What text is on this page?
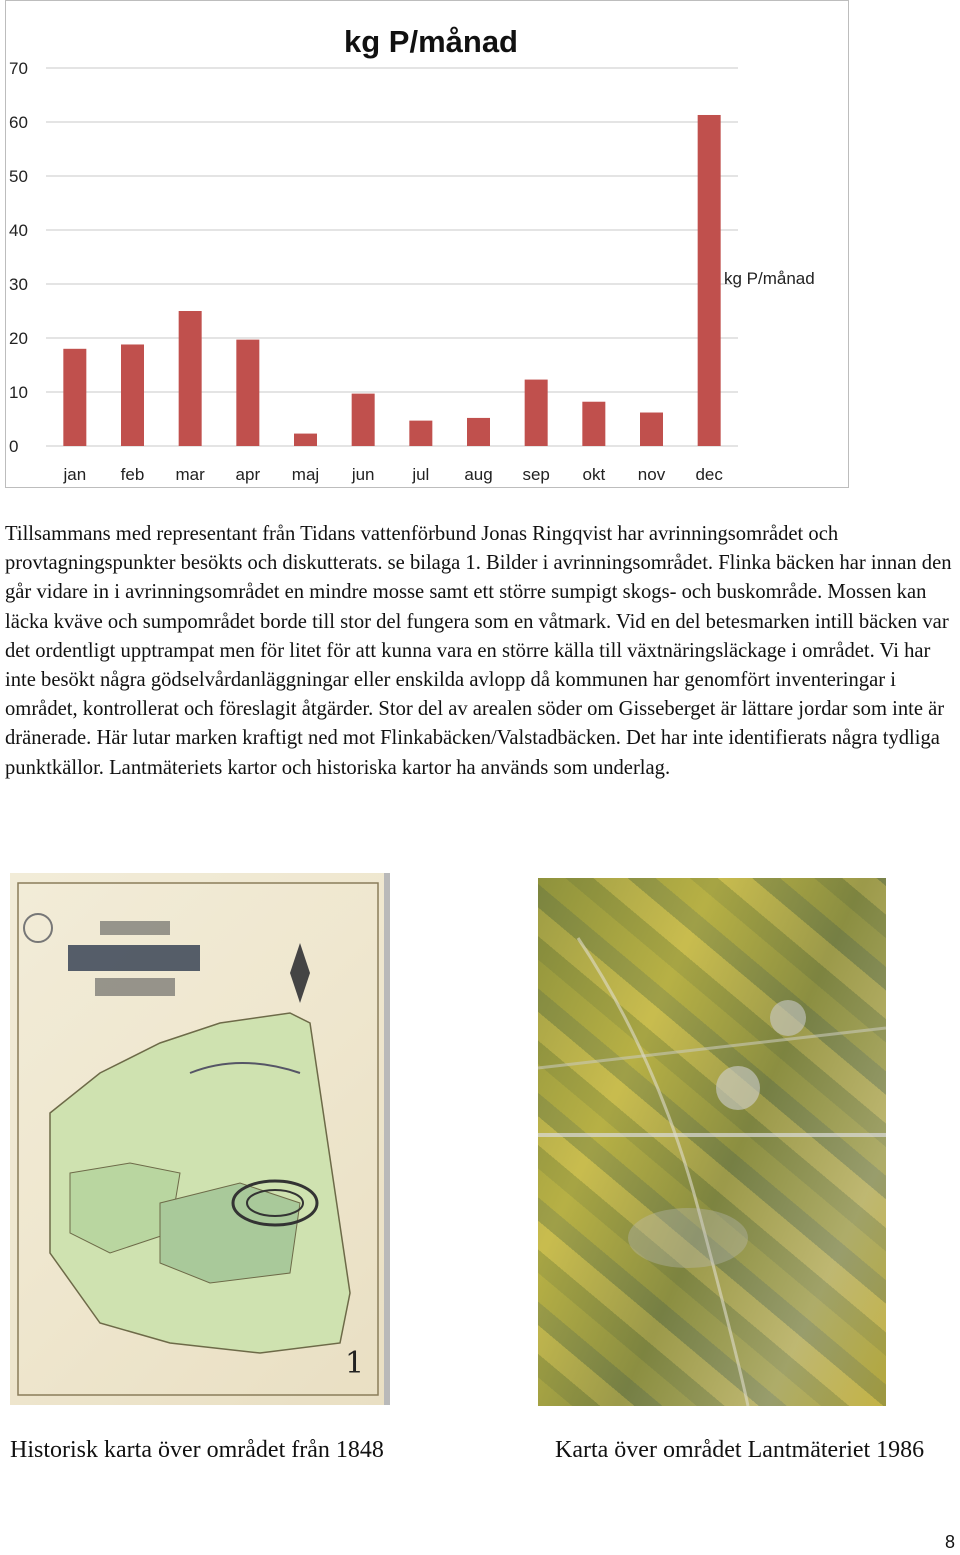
0
10
20
30
40
50
60
70
jan feb mar apr maj jun jul aug sep okt nov dec
kg P/månad
kg P/månad

Tillsammans med representant från Tidans vattenförbund Jonas Ringqvist har avrinningsområdet och provtagningspunkter besökts och diskutterats. se bilaga 1. Bilder i avrinningsområdet. Flinka bäcken har innan den går vidare in i avrinningsområdet en mindre mosse samt ett större sumpigt skogs- och buskområde. Mossen kan läcka kväve och sumpområdet borde till stor del fungera som en våtmark. Vid en del betesmarken intill bäcken var det ordentligt upptrampat men för litet för att kunna vara en större källa till växtnäringsläckage i området. Vi har inte besökt några gödselvårdanläggningar eller enskilda avlopp då kommunen har genomfört inventeringar i området, kontrollerat och föreslagit åtgärder. Stor del av arealen söder om Gisseberget är lättare jordar som inte är dränerade. Här lutar marken kraftigt ned mot Flinkabäcken/Valstadbäcken. Det har inte identifierats några tydliga punktkällor. Lantmäteriets kartor och historiska kartor ha används som underlag.

1

Historisk karta över området från 1848	Karta över området Lantmäteriet 1986

8
